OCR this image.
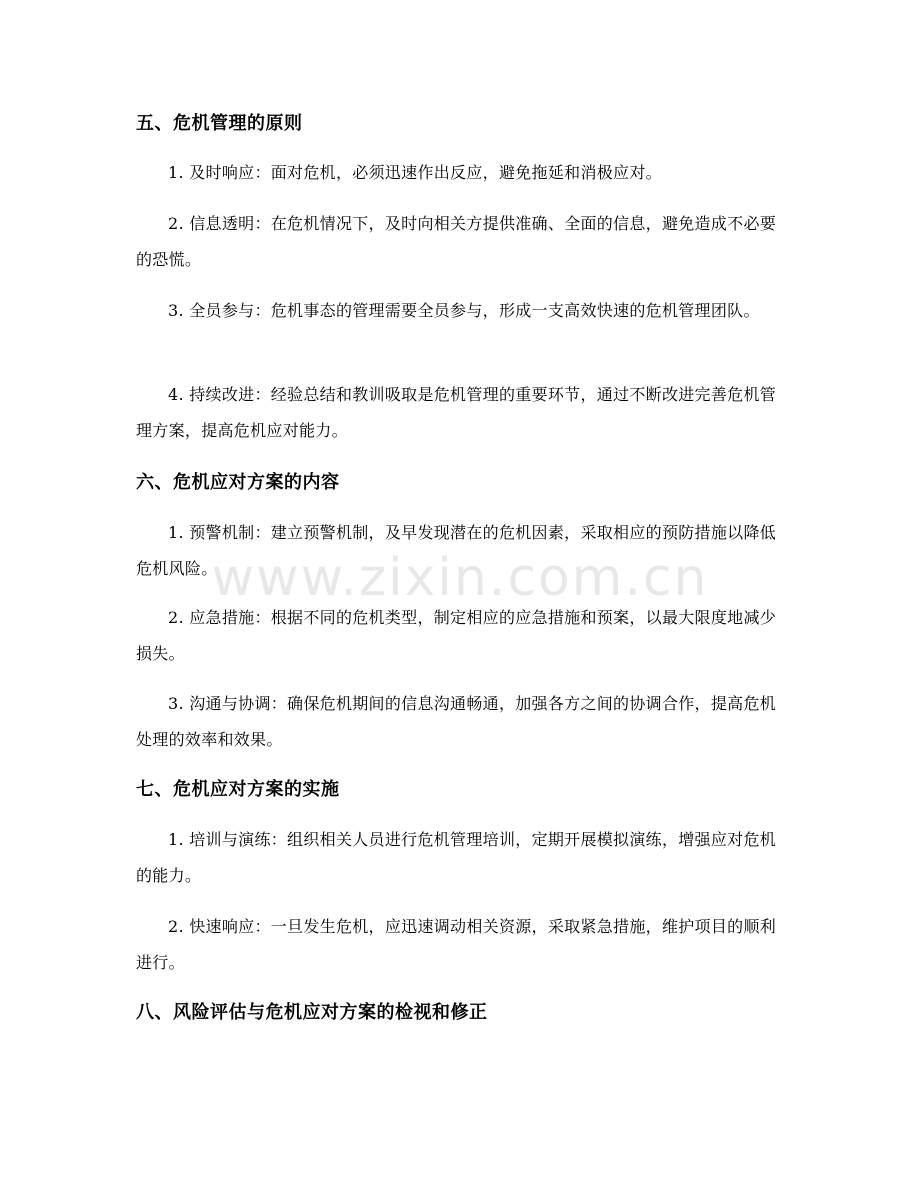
五、危机管理的原则

1. 及时响应：面对危机，必须迅速作出反应，避免拖延和消极应对。

2. 信息透明：在危机情况下，及时向相关方提供准确、全面的信息，避免造成不必要的恐慌。

3. 全员参与：危机事态的管理需要全员参与，形成一支高效快速的危机管理团队。

4. 持续改进：经验总结和教训吸取是危机管理的重要环节，通过不断改进完善危机管理方案，提高危机应对能力。

六、危机应对方案的内容

1. 预警机制：建立预警机制，及早发现潜在的危机因素，采取相应的预防措施以降低危机风险。

2. 应急措施：根据不同的危机类型，制定相应的应急措施和预案，以最大限度地减少损失。

3. 沟通与协调：确保危机期间的信息沟通畅通，加强各方之间的协调合作，提高危机处理的效率和效果。

七、危机应对方案的实施

1. 培训与演练：组织相关人员进行危机管理培训，定期开展模拟演练，增强应对危机的能力。

2. 快速响应：一旦发生危机，应迅速调动相关资源，采取紧急措施，维护项目的顺利进行。

八、风险评估与危机应对方案的检视和修正
www.zixin.com.cn
